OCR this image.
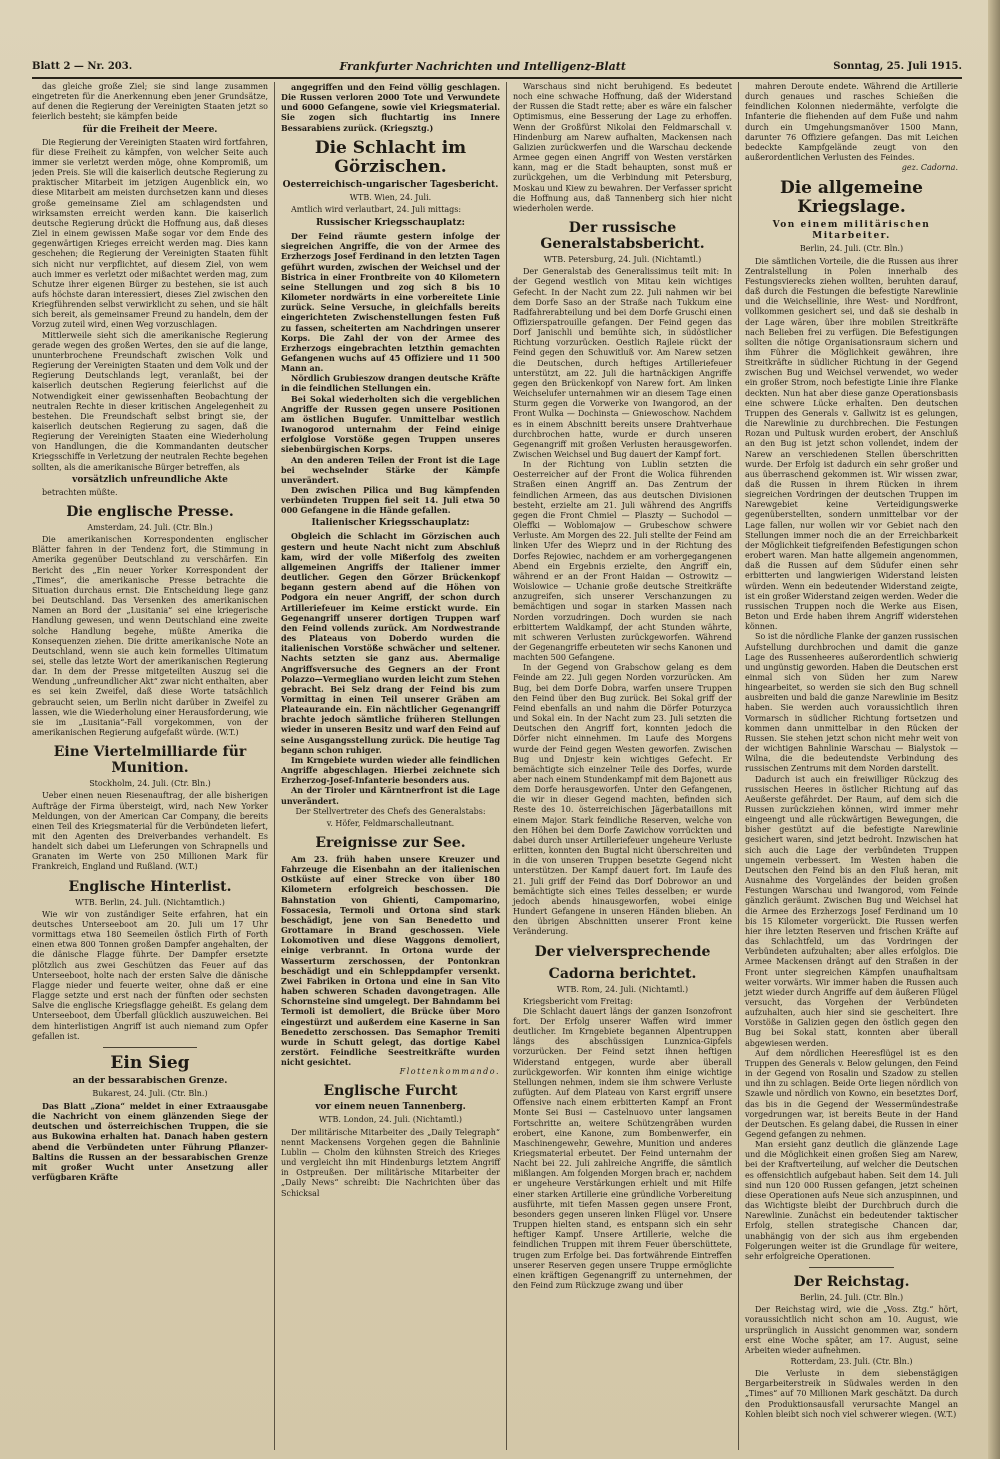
Blatt 2 — Nr. 203.	Frankfurter Nachrichten und Intelligenz-Blatt	Sonntag, 25. Juli 1915.

das gleiche große Ziel; sie sind lange zusammen eingetreten für die Anerkennung eben jener Grundsätze, auf denen die Regierung der Vereinigten Staaten jetzt so feierlich besteht; sie kämpfen beide

für die Freiheit der Meere.

Die Regierung der Vereinigten Staaten wird fortfahren, für diese Freiheit zu kämpfen, von welcher Seite auch immer sie verletzt werden möge, ohne Kompromiß, um jeden Preis. Sie will die kaiserlich deutsche Regierung zu praktischer Mitarbeit im jetzigen Augenblick ein, wo diese Mitarbeit am meisten durchsetzen kann und dieses große gemeinsame Ziel am schlagendsten und wirksamsten erreicht werden kann. Die kaiserlich deutsche Regierung drückt die Hoffnung aus, daß dieses Ziel in einem gewissen Maße sogar vor dem Ende des gegenwärtigen Krieges erreicht werden mag. Dies kann geschehen; die Regierung der Vereinigten Staaten fühlt sich nicht nur verpflichtet, auf diesem Ziel, von wem auch immer es verletzt oder mißachtet werden mag, zum Schutze ihrer eigenen Bürger zu bestehen, sie ist auch aufs höchste daran interessiert, dieses Ziel zwischen den Kriegführenden selbst verwirklicht zu sehen, und sie hält sich bereit, als gemeinsamer Freund zu handeln, dem der Vorzug zuteil wird, einen Weg vorzuschlagen.

Mittlerweile sieht sich die amerikanische Regierung gerade wegen des großen Wertes, den sie auf die lange, ununterbrochene Freundschaft zwischen Volk und Regierung der Vereinigten Staaten und dem Volk und der Regierung Deutschlands legt, veranlaßt, bei der kaiserlich deutschen Regierung feierlichst auf die Notwendigkeit einer gewissenhaften Beobachtung der neutralen Rechte in dieser kritischen Angelegenheit zu bestehen. Die Freundschaft selbst bringt sie, der kaiserlich deutschen Regierung zu sagen, daß die Regierung der Vereinigten Staaten eine Wiederholung von Handlungen, die die Kommandanten deutscher Kriegsschiffe in Verletzung der neutralen Rechte begehen sollten, als die amerikanische Bürger betreffen, als

vorsätzlich unfreundliche Akte

betrachten müßte.

Die englische Presse.

Amsterdam, 24. Juli. (Ctr. Bln.)

Die amerikanischen Korrespondenten englischer Blätter fahren in der Tendenz fort, die Stimmung in Amerika gegenüber Deutschland zu verschärfen. Ein Bericht des „Ein neuer Yorker Korrespondent der „Times“, die amerikanische Presse betrachte die Situation durchaus ernst. Die Entscheidung liege ganz bei Deutschland. Das Versenken des amerikanischen Namen an Bord der „Lusitania“ sei eine kriegerische Handlung gewesen, und wenn Deutschland eine zweite solche Handlung begehe, müßte Amerika die Konsequenzen ziehen. Die dritte amerikanische Note an Deutschland, wenn sie auch kein formelles Ultimatum sei, stelle das letzte Wort der amerikanischen Regierung dar. In dem der Presse mitgeteilten Auszug sei die Wendung „unfreundlicher Akt“ zwar nicht enthalten, aber es sei kein Zweifel, daß diese Worte tatsächlich gebraucht seien, um Berlin nicht darüber in Zweifel zu lassen, wie die Wiederholung einer Herausforderung, wie sie im „Lusitania“-Fall vorgekommen, von der amerikanischen Regierung aufgefaßt würde. (W.T.)

Eine Viertelmilliarde für Munition.

Stockholm, 24. Juli. (Ctr. Bln.)

Ueber einen neuen Riesenauftrag, der alle bisherigen Aufträge der Firma übersteigt, wird, nach New Yorker Meldungen, von der American Car Company, die bereits einen Teil des Kriegsmaterial für die Verbündeten liefert, mit den Agenten des Dreiverbandes verhandelt. Es handelt sich dabei um Lieferungen von Schrapnells und Granaten im Werte von 250 Millionen Mark für Frankreich, England und Rußland. (W.T.)

Englische Hinterlist.

WTB. Berlin, 24. Juli. (Nichtamtlich.)

Wie wir von zuständiger Seite erfahren, hat ein deutsches Unterseeboot am 20. Juli um 17 Uhr vormittags etwa 180 Seemeilen östlich Firth of Forth einen etwa 800 Tonnen großen Dampfer angehalten, der die dänische Flagge führte. Der Dampfer ersetzte plötzlich aus zwei Geschützen das Feuer auf das Unterseeboot, holte nach der ersten Salve die dänische Flagge nieder und feuerte weiter, ohne daß er eine Flagge setzte und erst nach der fünften oder sechsten Salve die englische Kriegsflagge geheißt. Es gelang dem Unterseeboot, dem Überfall glücklich auszuweichen. Bei dem hinterlistigen Angriff ist auch niemand zum Opfer gefallen ist.

Ein Sieg
an der bessarabischen Grenze.

Bukarest, 24. Juli. (Ctr. Bln.)

Das Blatt „Ziona“ meldet in einer Extraausgabe die Nachricht von einem glänzenden Siege der deutschen und österreichischen Truppen, die sie aus Bukowina erhalten hat. Danach haben gestern abend die Verbündeten unter Führung Pflanzer-Baltins die Russen an der bessarabischen Grenze mit großer Wucht unter Ansetzung aller verfügbaren Kräfte

angegriffen und den Feind völlig geschlagen. Die Russen verloren 2000 Tote und Verwundete und 6000 Gefangene, sowie viel Kriegsmaterial. Sie zogen sich fluchtartig ins Innere Bessarabiens zurück. (Kriegsztg.)

Die Schlacht im Görzischen.

Oesterreichisch-ungarischer Tagesbericht.

WTB. Wien, 24. Juli.

Amtlich wird verlautbart, 24. Juli mittags:

Russischer Kriegsschauplatz:

Der Feind räumte gestern infolge der siegreichen Angriffe, die von der Armee des Erzherzogs Josef Ferdinand in den letzten Tagen geführt wurden, zwischen der Weichsel und der Bistrica in einer Frontbreite von 40 Kilometern seine Stellungen und zog sich 8 bis 10 Kilometer nordwärts in eine vorbereitete Linie zurück. Seine Versuche, in gleichfalls bereits eingerichteten Zwischenstellungen festen Fuß zu fassen, scheiterten am Nachdringen unserer Korps. Die Zahl der von der Armee des Erzherzogs eingebrachten letzthin gemachten Gefangenen wuchs auf 45 Offiziere und 11 500 Mann an.

Nördlich Grubieszow drangen deutsche Kräfte in die feindlichen Stellungen ein.

Bei Sokal wiederholten sich die vergeblichen Angriffe der Russen gegen unsere Positionen am östlichen Bugufer. Unmittelbar westlich Iwanogorod unternahm der Feind einige erfolglose Vorstöße gegen Truppen unseres siebenbürgischen Korps.

An den anderen Teilen der Front ist die Lage bei wechselnder Stärke der Kämpfe unverändert.

Den zwischen Pilica und Bug kämpfenden verbündeten Truppen fiel seit 14. Juli etwa 50 000 Gefangene in die Hände gefallen.

Italienischer Kriegsschauplatz:

Obgleich die Schlacht im Görzischen auch gestern und heute Nacht nicht zum Abschluß kam, wird der volle Mißerfolg des zweiten allgemeinen Angriffs der Italiener immer deutlicher. Gegen den Görzer Brückenkopf begann gestern abend auf die Höhen von Podgora ein neuer Angriff, der schon durch Artilleriefeuer im Keime erstickt wurde. Ein Gegenangriff unserer dortigen Truppen warf den Feind vollends zurück. Am Nordwestrande des Plateaus von Doberdo wurden die italienischen Vorstöße schwächer und seltener. Nachts setzten sie ganz aus. Abermalige Angriffsversuche des Gegners an der Front Polazzo—Vermegliano wurden leicht zum Stehen gebracht. Bei Selz drang der Feind bis zum Vormittag in einen Teil unserer Gräben am Plateaurande ein. Ein nächtlicher Gegenangriff brachte jedoch sämtliche früheren Stellungen wieder in unseren Besitz und warf den Feind auf seine Ausgangsstellung zurück. Die heutige Tag begann schon ruhiger.

Im Krngebiete wurden wieder alle feindlichen Angriffe abgeschlagen. Hierbei zeichnete sich Erzherzog-Josef-Infanterie besonders aus.

An der Tiroler und Kärntnerfront ist die Lage unverändert.

Der Stellvertreter des Chefs des Generalstabs:

v. Höfer, Feldmarschalleutnant.

Ereignisse zur See.

Am 23. früh haben unsere Kreuzer und Fahrzeuge die Eisenbahn an der italienischen Ostküste auf einer Strecke von über 180 Kilometern erfolgreich beschossen. Die Bahnstation von Ghienti, Campomarino, Fossacesia, Termoli und Ortona sind stark beschädigt, jene von San Benedetto und Grottamare in Brand geschossen. Viele Lokomotiven und diese Waggons demoliert, einige verbrannt. In Ortona wurde der Wasserturm zerschossen, der Pontonkran beschädigt und ein Schleppdampfer versenkt. Zwei Fabriken in Ortona und eine in San Vito haben schweren Schaden davongetragen. Alle Schornsteine sind umgelegt. Der Bahndamm bei Termoli ist demoliert, die Brücke über Moro eingestürzt und außerdem eine Kaserne in San Benedetto zerschossen. Das Semaphor Tremiti wurde in Schutt gelegt, das dortige Kabel zerstört. Feindliche Seestreitkräfte wurden nicht gesichtet.

Flottenkommando.

Englische Furcht
vor einem neuen Tannenberg.

WTB. London, 24. Juli. (Nichtamtl.)

Der militärische Mitarbeiter des „Daily Telegraph“ nennt Mackensens Vorgehen gegen die Bahnlinie Lublin — Cholm den kühnsten Streich des Krieges und vergleicht ihn mit Hindenburgs letztem Angriff in Ostpreußen. Der militärische Mitarbeiter der „Daily News“ schreibt: Die Nachrichten über das Schicksal

Warschaus sind nicht beruhigend. Es bedeutet noch eine schwache Hoffnung, daß der Widerstand der Russen die Stadt rette; aber es wäre ein falscher Optimismus, eine Besserung der Lage zu erhoffen. Wenn der Großfürst Nikolai den Feldmarschall v. Hindenburg am Narew aufhalten, Mackensen nach Galizien zurückwerfen und die Warschau deckende Armee gegen einen Angriff von Westen verstärken kann, mag er die Stadt behaupten, sonst muß er zurückgehen, um die Verbindung mit Petersburg, Moskau und Kiew zu bewahren. Der Verfasser spricht die Hoffnung aus, daß Tannenberg sich hier nicht wiederholen werde.

Der russische Generalstabsbericht.

WTB. Petersburg, 24. Juli. (Nichtamtl.)

Der Generalstab des Generalissimus teilt mit: In der Gegend westlich von Mitau kein wichtiges Gefecht. In der Nacht zum 22. Juli nahmen wir bei dem Dorfe Saso an der Straße nach Tukkum eine Radfahrerabteilung und bei dem Dorfe Gruschi einen Offizierspatrouille gefangen. Der Feind gegen das Dorf Janischli und bemühte sich, in südöstlicher Richtung vorzurücken. Oestlich Rajleie rückt der Feind gegen den Schuwitluß vor. Am Narew setzen die Deutschen, durch heftiges Artilleriefeuer unterstützt, am 22. Juli die hartnäckigen Angriffe gegen den Brückenkopf von Narew fort. Am linken Weichselufer unternahmen wir an diesem Tage einen Sturm gegen die Vorwerke von Iwangorod, an der Front Wulka — Dochinsta — Gniewoschow. Nachdem es in einem Abschnitt bereits unsere Drahtverhaue durchbrochen hatte, wurde er durch unseren Gegenangriff mit großen Verlusten herausgeworfen. Zwischen Weichsel und Bug dauert der Kampf fort.

In der Richtung von Lublin setzten die Oesterreicher auf der Front die Wolica führenden Straßen einen Angriff an. Das Zentrum der feindlichen Armeen, das aus deutschen Divisionen besteht, erzielte am 21. Juli während des Angriffs gegen die Front Chmiel — Plaszty — Suchodol — Oleffki — Woblomajow — Grubeschow schwere Verluste. Am Morgen des 22. Juli stellte der Feind am linken Ufer des Wieprz und in der Richtung des Dorfes Rejowiec, nachdem er am vorhergegangenen Abend ein Ergebnis erzielte, den Angriff ein, während er an der Front Haidan — Ostrowitz — Woislowice — Uchanie große deutsche Streitkräfte anzugreifen, sich unserer Verschanzungen zu bemächtigen und sogar in starken Massen nach Norden vorzudringen. Doch wurden sie nach erbittertem Waldkampf, der acht Stunden währte, mit schweren Verlusten zurückgeworfen. Während der Gegenangriffe erbeuteten wir sechs Kanonen und machten 500 Gefangene.

In der Gegend von Grabschow gelang es dem Feinde am 22. Juli gegen Norden vorzurücken. Am Bug, bei dem Dorfe Dobra, warfen unsere Truppen den Feind über den Bug zurück. Bei Sokal griff der Feind ebenfalls an und nahm die Dörfer Poturzyca und Sokal ein. In der Nacht zum 23. Juli setzten die Deutschen den Angriff fort, konnten jedoch die Dörfer nicht einnehmen. Im Laufe des Morgens wurde der Feind gegen Westen geworfen. Zwischen Bug und Dnjestr kein wichtiges Gefecht. Er bemächtigte sich einzelner Teile des Dorfes, wurde aber nach einem Stundenkampf mit dem Bajonett aus dem Dorfe herausgeworfen. Unter den Gefangenen, die wir in dieser Gegend machten, befinden sich Reste des 10. österreichischen Jägerbataillons mit einem Major. Stark feindliche Reserven, welche von den Höhen bei dem Dorfe Zawichow vorrückten und dabei durch unser Artilleriefeuer ungeheure Verluste erlitten, konnten den Bugtal nicht überschreiten und in die von unseren Truppen besetzte Gegend nicht unterstützen. Der Kampf dauert fort. Im Laufe des 21. Juli griff der Feind das Dorf Dobrowor an und bemächtigte sich eines Teiles desselben; er wurde jedoch abends hinausgeworfen, wobei einige Hundert Gefangene in unseren Händen blieben. An den übrigen Abschnitten unserer Front keine Veränderung.

Der vielversprechende
Cadorna berichtet.

WTB. Rom, 24. Juli. (Nichtamtl.)

Kriegsbericht vom Freitag:

Die Schlacht dauert längs der ganzen Isonzofront fort. Der Erfolg unserer Waffen wird immer deutlicher. Im Krngebiete begannen Alpentruppen längs des abschüssigen Lunznica-Gipfels vorzurücken. Der Feind setzt ihnen heftigen Widerstand entgegen, wurde aber überall zurückgeworfen. Wir konnten ihm einige wichtige Stellungen nehmen, indem sie ihm schwere Verluste zufügten. Auf dem Plateau von Karst ergriff unsere Offensive nach einem erbitterten Kampf an Front Monte Sei Busi — Castelnuovo unter langsamen Fortschritte an, weitere Schützengräben wurden erobert, eine Kanone, zum Bombenwerfer, ein Maschinengewehr, Gewehre, Munition und anderes Kriegsmaterial erbeutet. Der Feind unternahm der Nacht bei 22. Juli zahlreiche Angriffe, die sämtlich mißlangen. Am folgenden Morgen brach er, nachdem er ungeheure Verstärkungen erhielt und mit Hilfe einer starken Artillerie eine gründliche Vorbereitung ausführte, mit tiefen Massen gegen unsere Front, besonders gegen unseren linken Flügel vor. Unsere Truppen hielten stand, es entspann sich ein sehr heftiger Kampf. Unsere Artillerie, welche die feindlichen Truppen mit ihrem Feuer überschüttete, trugen zum Erfolge bei. Das fortwährende Eintreffen unserer Reserven gegen unsere Truppe ermöglichte einen kräftigen Gegenangriff zu unternehmen, der den Feind zum Rückzuge zwang und über

mahren Deroute endete. Während die Artillerie durch genaues und rasches Schießen die feindlichen Kolonnen niedermähte, verfolgte die Infanterie die fliehenden auf dem Fuße und nahm durch ein Umgehungsmanöver 1500 Mann, darunter 76 Offiziere gefangen. Das mit Leichen bedeckte Kampfgelände zeugt von den außerordentlichen Verlusten des Feindes.

gez. Cadorna.

Die allgemeine Kriegslage.

Von einem militärischen Mitarbeiter.

Berlin, 24. Juli. (Ctr. Bln.)

Die sämtlichen Vorteile, die die Russen aus ihrer Zentralstellung in Polen innerhalb des Festungsvierecks ziehen wollten, beruhten darauf, daß durch die Festungen die befestigte Narewlinie und die Weichsellinie, ihre West- und Nordfront, vollkommen gesichert sei, und daß sie deshalb in der Lage wären, über ihre mobilen Streitkräfte nach Belieben frei zu verfügen. Die Befestigungen sollten die nötige Organisationsraum sichern und ihm Führer die Möglichkeit gewähren, ihre Streitkräfte in südlicher Richtung in der Gegend zwischen Bug und Weichsel verwendet, wo weder ein großer Strom, noch befestigte Linie ihre Flanke deckten. Nun hat aber diese ganze Operationsbasis eine schwere Lücke erhalten. Den deutschen Truppen des Generals v. Gallwitz ist es gelungen, die Narewlinie zu durchbrechen. Die Festungen Rozan und Pultusk wurden erobert, der Anschluß an den Bug ist jetzt schon vollendet, indem der Narew an verschiedenen Stellen überschritten wurde. Der Erfolg ist dadurch ein sehr großer und aus überraschend gekommen ist. Wir wissen zwar, daß die Russen in ihrem Rücken in ihrem siegreichen Vordringen der deutschen Truppen im Narewgebiet keine Verteidigungswerke gegenüberstellten, sondern unmittelbar vor der Lage fallen, nur wollen wir vor Gebiet nach den Stellungen immer noch die an der Erreichbarkeit der Möglichkeit tiefgreifenden Befestigungen schon erobert waren. Man hatte allgemein angenommen, daß die Russen auf dem Südufer einen sehr erbitterten und langwierigen Widerstand leisten würden. Wenn ein bedeutender Widerstand zeigte, ist ein großer Widerstand zeigen werden. Weder die russischen Truppen noch die Werke aus Eisen, Beton und Erde haben ihrem Angriff widerstehen können.

So ist die nördliche Flanke der ganzen russischen Aufstellung durchbrochen und damit die ganze Lage des Russenheeres außerordentlich schwierig und ungünstig geworden. Haben die Deutschen erst einmal sich von Süden her zum Narew hingearbeitet, so werden sie sich den Bug schnell ausbreiten und bald die ganze Narewlinie im Besitz haben. Sie werden auch voraussichtlich ihren Vormarsch in südlicher Richtung fortsetzen und kommen dann unmittelbar in den Rücken der Russen. Sie stehen jetzt schon nicht mehr weit von der wichtigen Bahnlinie Warschau — Bialystok — Wilna, die die bedeutendste Verbindung des russischen Zentrums mit dem Norden darstellt.

Dadurch ist auch ein freiwilliger Rückzug des russischen Heeres in östlicher Richtung auf das Aeußerste gefährdet. Der Raum, auf dem sich die Russen zurückziehen können, wird immer mehr eingeengt und alle rückwärtigen Bewegungen, die bisher gestützt auf die befestigte Narewlinie gesichert waren, sind jetzt bedroht. Inzwischen hat sich auch die Lage der verbündeten Truppen ungemein verbessert. Im Westen haben die Deutschen den Feind bis an den Fluß heran, mit Ausnahme des Vorgeländes der beiden großen Festungen Warschau und Iwangorod, vom Feinde gänzlich geräumt. Zwischen Bug und Weichsel hat die Armee des Erzherzogs Josef Ferdinand um 10 bis 15 Kilometer vorgerückt. Die Russen werfen hier ihre letzten Reserven und frischen Kräfte auf das Schlachtfeld, um das Vordringen der Verbündeten aufzuhalten; aber alles erfolglos. Die Armee Mackensen drängt auf den Straßen in der Front unter siegreichen Kämpfen unaufhaltsam weiter vorwärts. Wir immer haben die Russen auch jetzt wieder durch Angriffe auf dem äußeren Flügel versucht, das Vorgehen der Verbündeten aufzuhalten, auch hier sind sie gescheitert. Ihre Vorstöße in Galizien gegen den östlich gegen den Bug bei Sokal statt, konnten aber überall abgewiesen werden.

Auf dem nördlichen Heeresflügel ist es den Truppen des Generals v. Below gelungen, den Feind in der Gegend von Rosalin und Szadow zu stellen und ihn zu schlagen. Beide Orte liegen nördlich von Szawle und nördlich von Kowno, ein besetztes Dorf, das bis in die Gegend der Wessermündestraße vorgedrungen war, ist bereits Beute in der Hand der Deutschen. Es gelang dabei, die Russen in einer Gegend gefangen zu nehmen.

Man ersieht ganz deutlich die glänzende Lage und die Möglichkeit einen großen Sieg am Narew, bei der Kraftverteilung, auf welcher die Deutschen es offensichtlich aufgebaut haben. Seit dem 14. Juli sind nun 120 000 Russen gefangen, jetzt scheinen diese Operationen aufs Neue sich anzuspinnen, und das Wichtigste bleibt der Durchbruch durch die Narewlinie. Zunächst ein bedeutender taktischer Erfolg, stellen strategische Chancen dar, unabhängig von der sich aus ihm ergebenden Folgerungen weiter ist die Grundlage für weitere, sehr erfolgreiche Operationen.

Der Reichstag.

Berlin, 24. Juli. (Ctr. Bln.)

Der Reichstag wird, wie die „Voss. Ztg.“ hört, voraussichtlich nicht schon am 10. August, wie ursprünglich in Aussicht genommen war, sondern erst eine Woche später, am 17. August, seine Arbeiten wieder aufnehmen.

Rotterdam, 23. Juli. (Ctr. Bln.)

Die Verluste in dem siebenstägigen Bergarbeiterstreik in Südwales werden in den „Times“ auf 70 Millionen Mark geschätzt. Da durch den Produktionsausfall verursachte Mangel an Kohlen bleibt sich noch viel schwerer wiegen. (W.T.)
